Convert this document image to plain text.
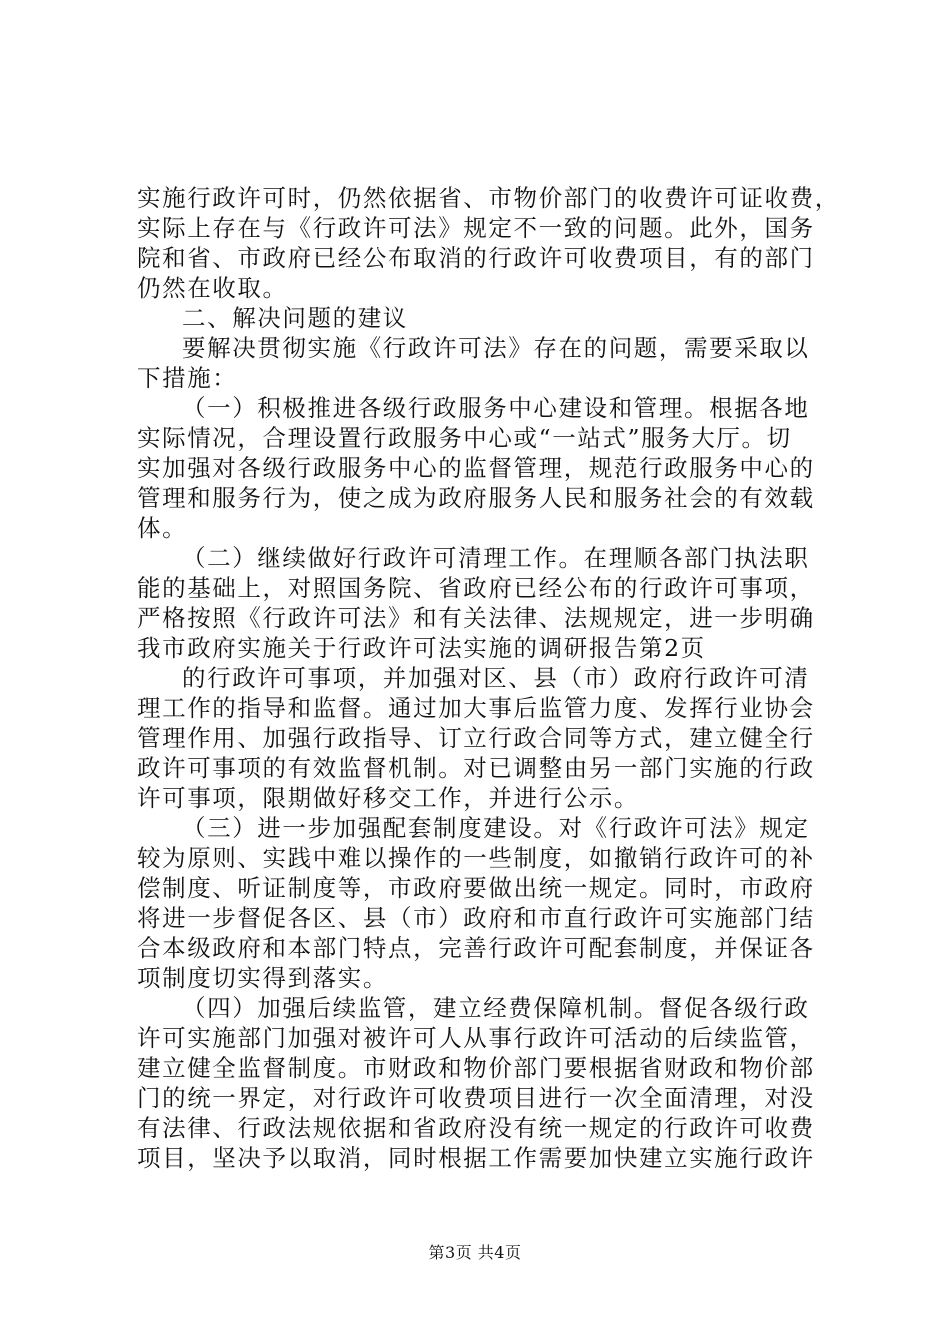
实施行政许可时，仍然依据省、市物价部门的收费许可证收费，
实际上存在与《行政许可法》规定不一致的问题。此外，国务
院和省、市政府已经公布取消的行政许可收费项目，有的部门
仍然在收取。
二、解决问题的建议
要解决贯彻实施《行政许可法》存在的问题，需要采取以
下措施：
（一）积极推进各级行政服务中心建设和管理。根据各地
实际情况，合理设置行政服务中心或“一站式”服务大厅。切
实加强对各级行政服务中心的监督管理，规范行政服务中心的
管理和服务行为，使之成为政府服务人民和服务社会的有效载
体。
（二）继续做好行政许可清理工作。在理顺各部门执法职
能的基础上，对照国务院、省政府已经公布的行政许可事项，
严格按照《行政许可法》和有关法律、法规规定，进一步明确
我市政府实施关于行政许可法实施的调研报告第2页
的行政许可事项，并加强对区、县（市）政府行政许可清
理工作的指导和监督。通过加大事后监管力度、发挥行业协会
管理作用、加强行政指导、订立行政合同等方式，建立健全行
政许可事项的有效监督机制。对已调整由另一部门实施的行政
许可事项，限期做好移交工作，并进行公示。
（三）进一步加强配套制度建设。对《行政许可法》规定
较为原则、实践中难以操作的一些制度，如撤销行政许可的补
偿制度、听证制度等，市政府要做出统一规定。同时，市政府
将进一步督促各区、县（市）政府和市直行政许可实施部门结
合本级政府和本部门特点，完善行政许可配套制度，并保证各
项制度切实得到落实。
（四）加强后续监管，建立经费保障机制。督促各级行政
许可实施部门加强对被许可人从事行政许可活动的后续监管，
建立健全监督制度。市财政和物价部门要根据省财政和物价部
门的统一界定，对行政许可收费项目进行一次全面清理，对没
有法律、行政法规依据和省政府没有统一规定的行政许可收费
项目，坚决予以取消，同时根据工作需要加快建立实施行政许
第3页 共4页
